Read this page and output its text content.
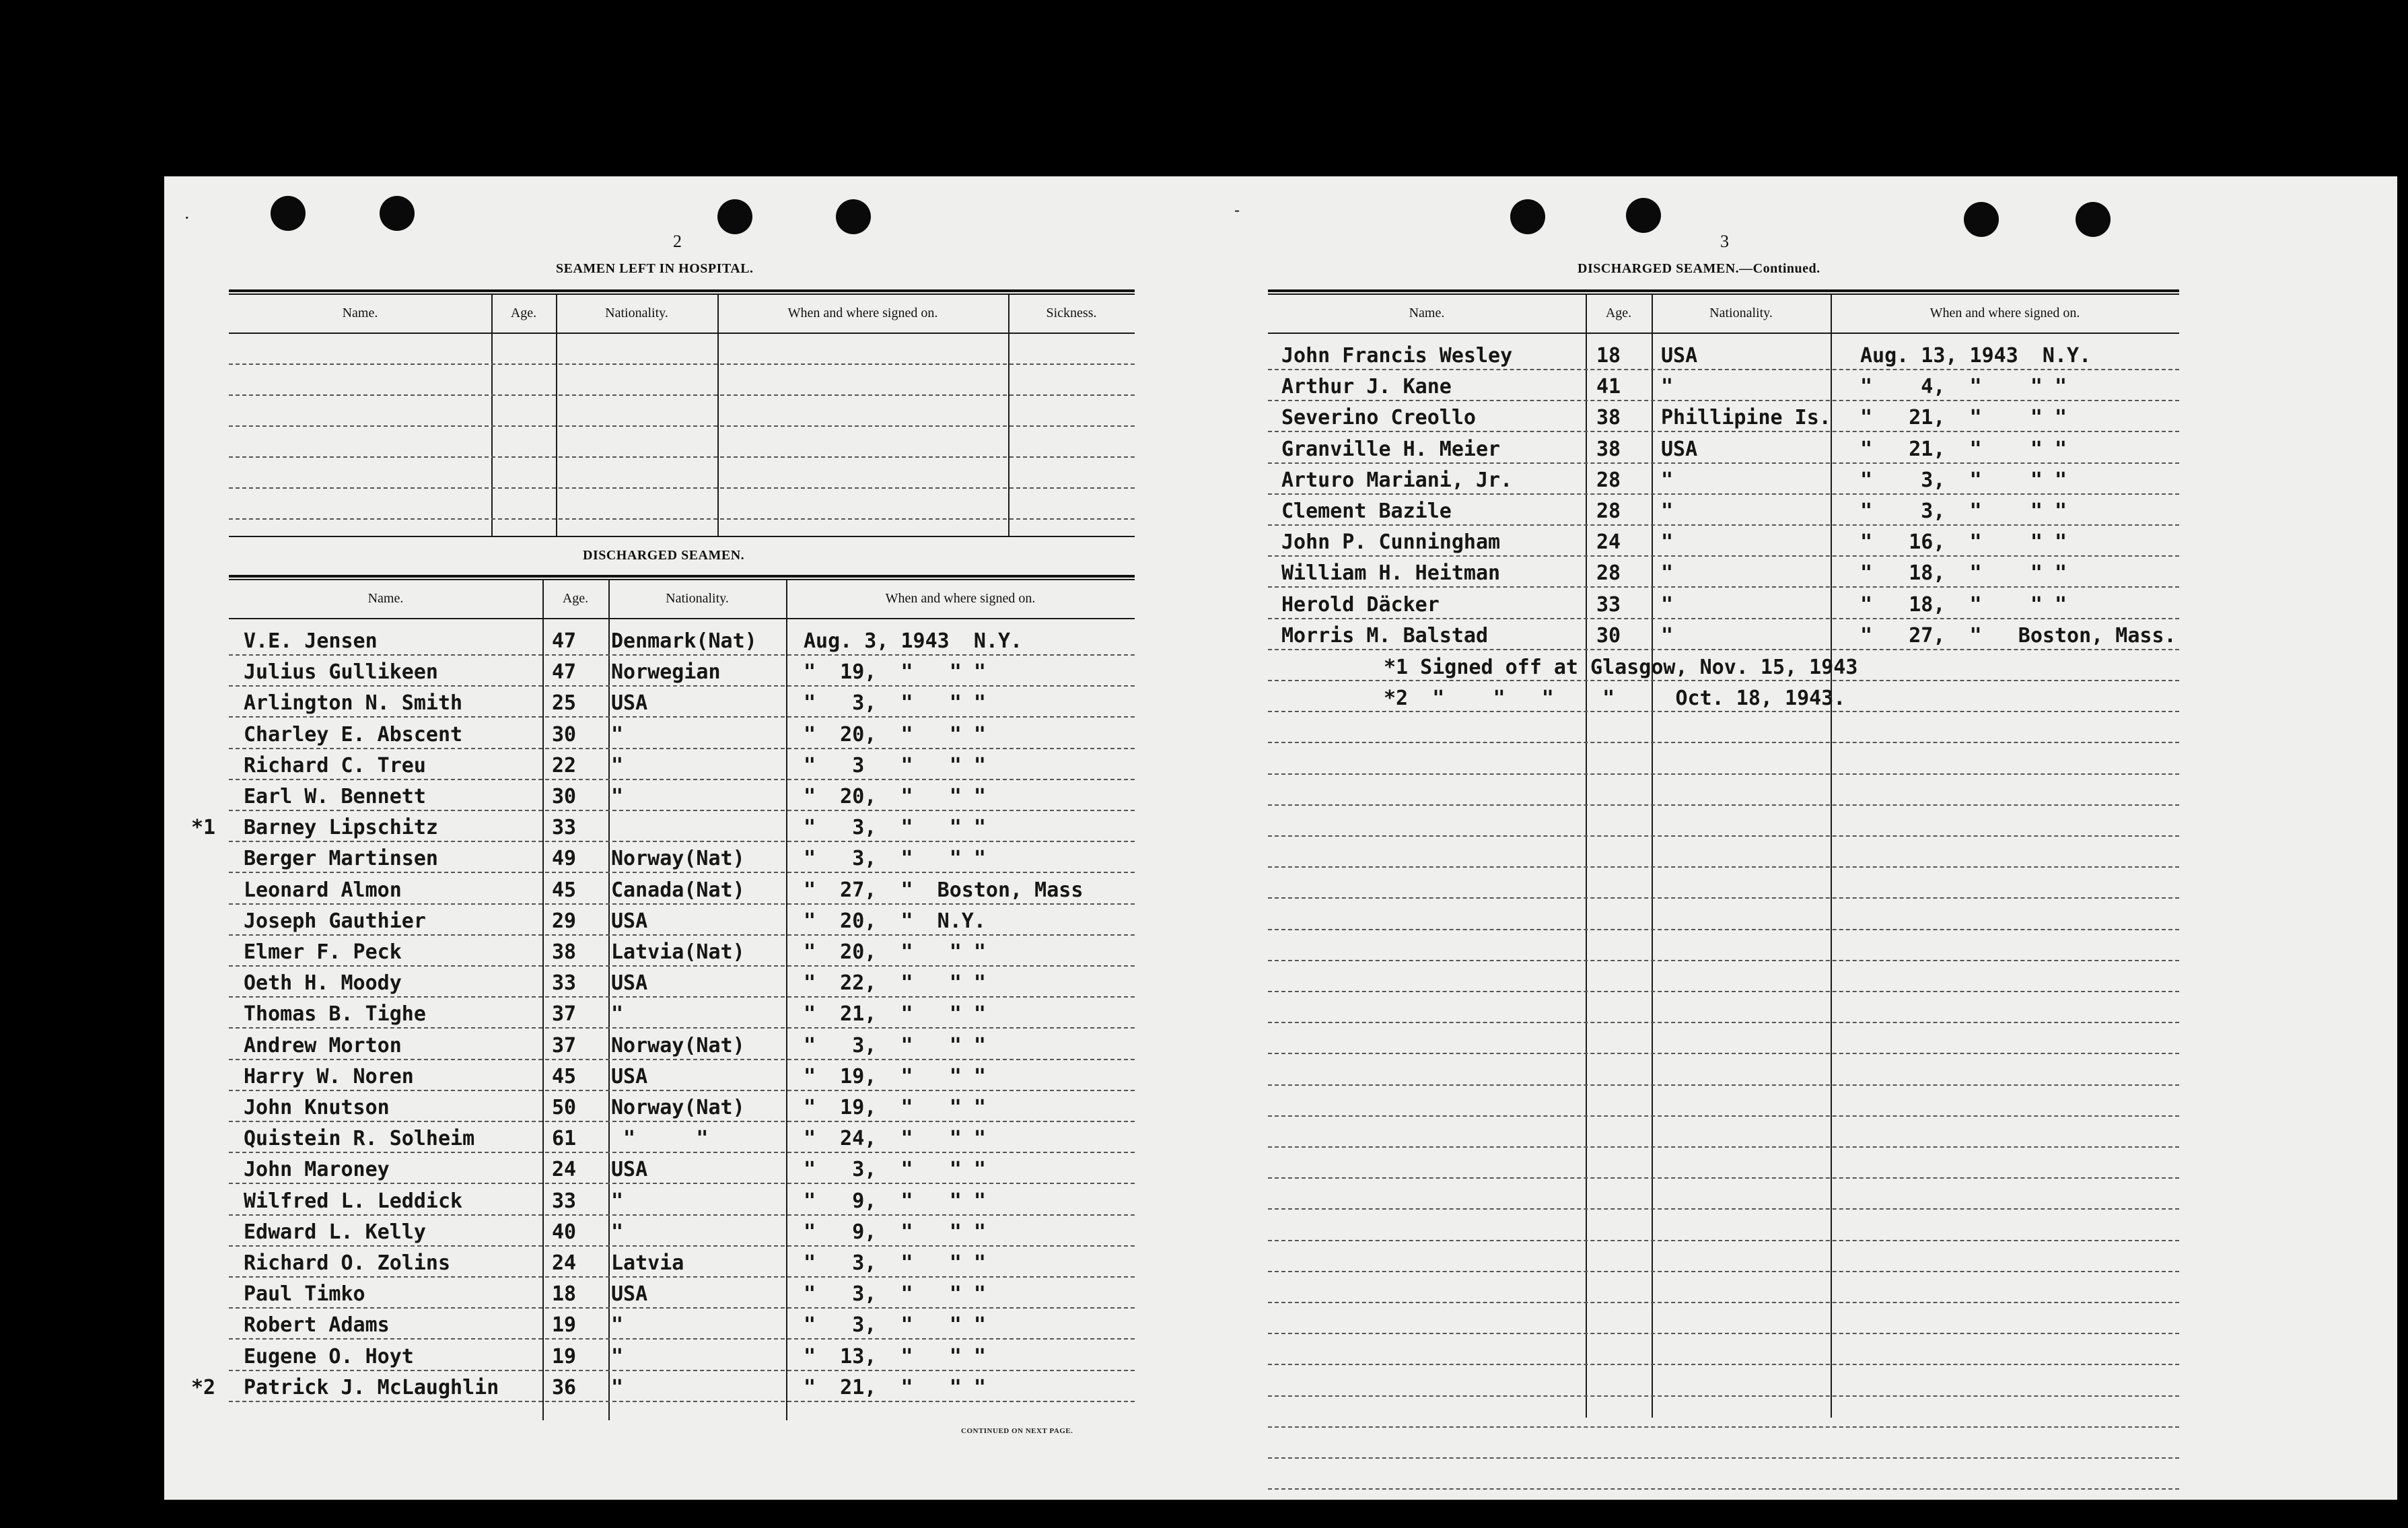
·	-
2	3
SEAMEN LEFT IN HOSPITAL.
Name.	Age.	Nationality.	When and where signed on.	Sickness.
DISCHARGED SEAMEN.
Name.	Age.	Nationality.	When and where signed on.
V.E. Jensen	47 Denmark(Nat) Aug. 3, 1943  N.Y.
Julius Gullikeen	47 Norwegian	"  19,  "   " "
Arlington N. Smith	25 USA	"   3,  "   " "
Charley E. Abscent	30 "	"  20,  "   " "
Richard C. Treu	22 "	"   3   "   " "
Earl W. Bennett	30 "	"  20,  "   " "
*1 Barney Lipschitz	33	"   3,  "   " "
Berger Martinsen	49 Norway(Nat)	"   3,  "   " "
Leonard Almon	45 Canada(Nat)	"  27,  "  Boston, Mass
Joseph Gauthier	29 USA	"  20,  "  N.Y.
Elmer F. Peck	38 Latvia(Nat)	"  20,  "   " "
Oeth H. Moody	33 USA	"  22,  "   " "
Thomas B. Tighe	37 "	"  21,  "   " "
Andrew Morton	37 Norway(Nat)	"   3,  "   " "
Harry W. Noren	45 USA	"  19,  "   " "
John Knutson	50 Norway(Nat)	"  19,  "   " "
Quistein R. Solheim	61 "     "	"  24,  "   " "
John Maroney	24 USA	"   3,  "   " "
Wilfred L. Leddick	33 "	"   9,  "   " "
Edward L. Kelly	40 "	"   9,  "   " "
Richard O. Zolins	24 Latvia	"   3,  "   " "
Paul Timko	18 USA	"   3,  "   " "
Robert Adams	19 "	"   3,  "   " "
Eugene O. Hoyt	19 "	"  13,  "   " "
*2 Patrick J. McLaughlin	36 "	"  21,  "   " "
CONTINUED ON NEXT PAGE.
DISCHARGED SEAMEN.—Continued.
Name.	Age.	Nationality.	When and where signed on.
John Francis Wesley	18 USA	Aug. 13, 1943  N.Y.
Arthur J. Kane	41 "	"    4,  "    " "
Severino Creollo	38 Phillipine Is. "   21,  "    " "
Granville H. Meier	38 USA	"   21,  "    " "
Arturo Mariani, Jr.	28 "	"    3,  "    " "
Clement Bazile	28 "	"    3,  "    " "
John P. Cunningham	24 "	"   16,  "    " "
William H. Heitman	28 "	"   18,  "    " "
Herold Däcker	33 "	"   18,  "    " "
Morris M. Balstad	30 "	"   27,  "   Boston, Mass.
*1 Signed off at Glasgow, Nov. 15, 1943
*2  "    "   "    "     Oct. 18, 1943.
